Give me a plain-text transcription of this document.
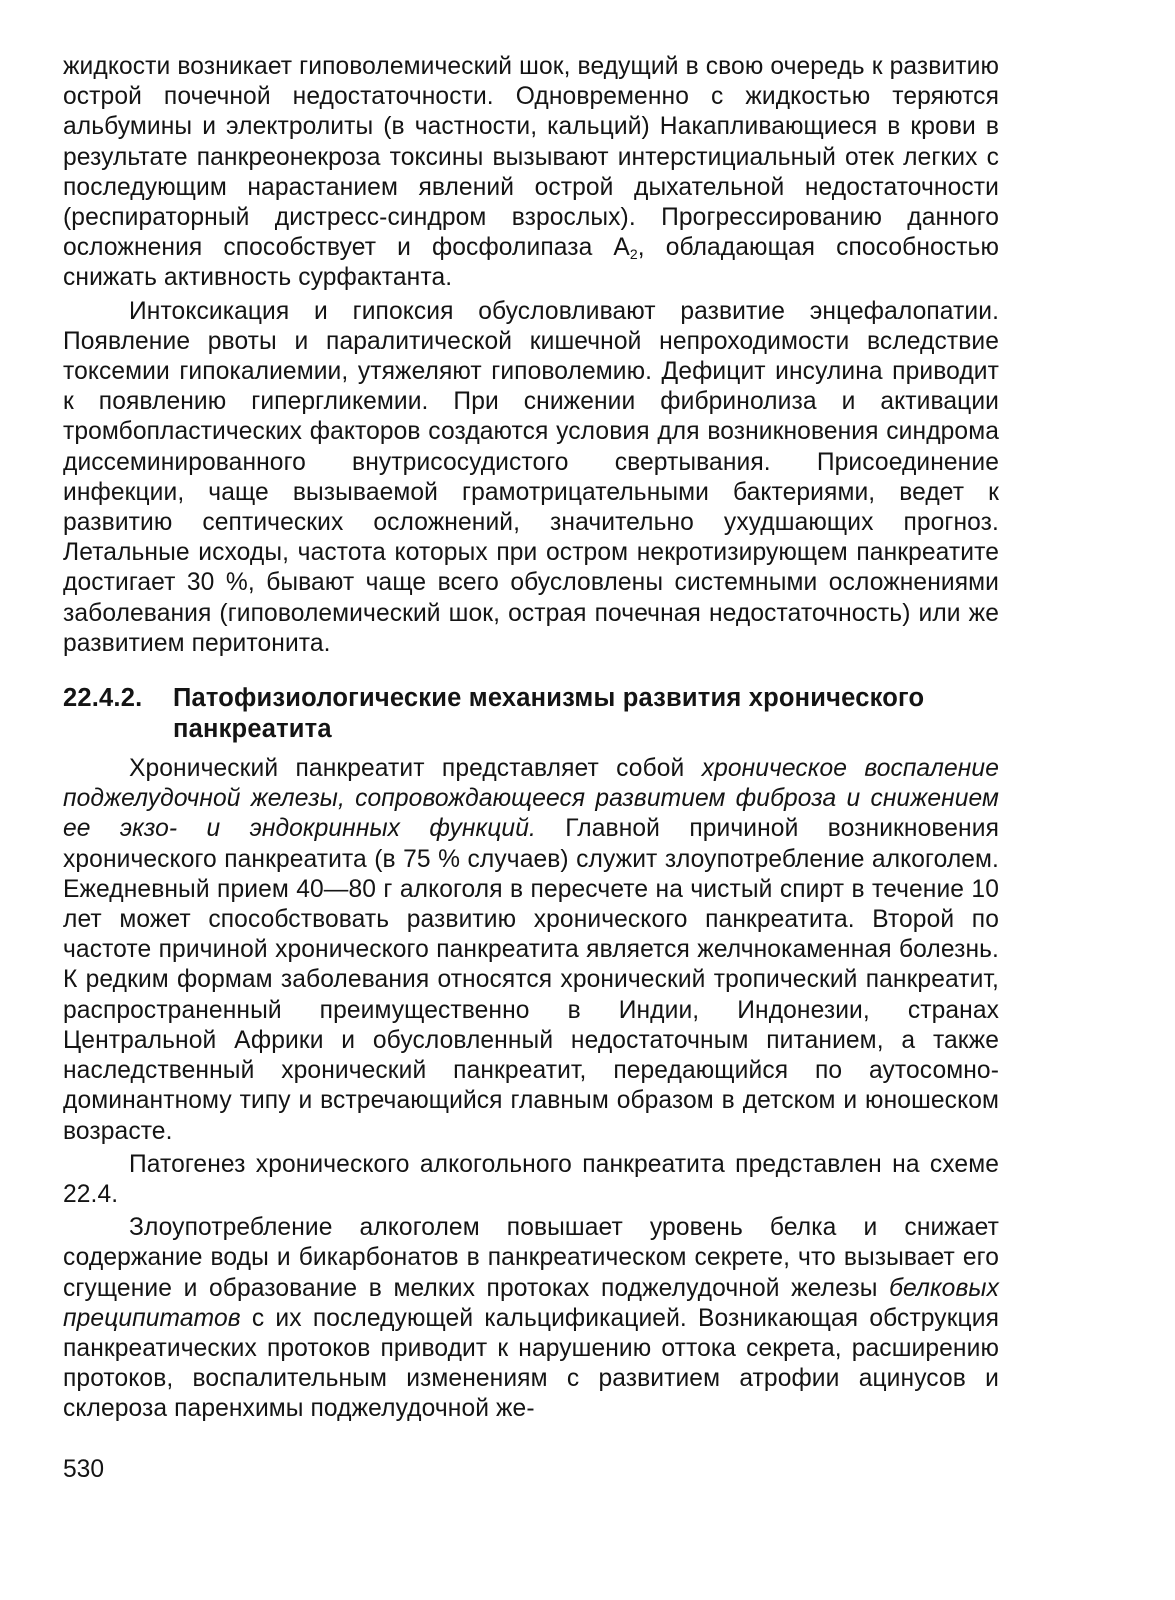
жидкости возникает гиповолемический шок, ведущий в свою очередь к развитию острой почечной недостаточности. Одновременно с жидкостью теряются альбумины и электролиты (в частности, кальций) Накапливающиеся в крови в результате панкреонекроза токсины вызывают интерстициальный отек легких с последующим нарастанием явлений острой дыхательной недостаточности (респираторный дистресс-синдром взрослых). Прогрессированию данного осложнения способствует и фосфолипаза $А_2$, обладающая способностью снижать активность сурфактанта.

Интоксикация и гипоксия обусловливают развитие энцефалопатии. Появление рвоты и паралитической кишечной непроходимости вследствие токсемии гипокалиемии, утяжеляют гиповолемию. Дефицит инсулина приводит к появлению гипергликемии. При снижении фибринолиза и активации тромбопластических факторов создаются условия для возникновения синдрома диссеминированного внутрисосудистого свертывания. Присоединение инфекции, чаще вызываемой грамотрицательными бактериями, ведет к развитию септических осложнений, значительно ухудшающих прогноз. Летальные исходы, частота которых при остром некротизирующем панкреатите достигает 30 %, бывают чаще всего обусловлены системными осложнениями заболевания (гиповолемический шок, острая почечная недостаточность) или же развитием перитонита.

22.4.2. Патофизиологические механизмы развития хронического панкреатита

Хронический панкреатит представляет собой хроническое воспаление поджелудочной железы, сопровождающееся развитием фиброза и снижением ее экзо- и эндокринных функций. Главной причиной возникновения хронического панкреатита (в 75 % случаев) служит злоупотребление алкоголем. Ежедневный прием 40—80 г алкоголя в пересчете на чистый спирт в течение 10 лет может способствовать развитию хронического панкреатита. Второй по частоте причиной хронического панкреатита является желчнокаменная болезнь. К редким формам заболевания относятся хронический тропический панкреатит, распространенный преимущественно в Индии, Индонезии, странах Центральной Африки и обусловленный недостаточным питанием, а также наследственный хронический панкреатит, передающийся по аутосомно-доминантному типу и встречающийся главным образом в детском и юношеском возрасте.

Патогенез хронического алкогольного панкреатита представлен на схеме 22.4.

Злоупотребление алкоголем повышает уровень белка и снижает содержание воды и бикарбонатов в панкреатическом секрете, что вызывает его сгущение и образование в мелких протоках поджелудочной железы белковых преципитатов с их последующей кальцификацией. Возникающая обструкция панкреатических протоков приводит к нарушению оттока секрета, расширению протоков, воспалительным изменениям с развитием атрофии ацинусов и склероза паренхимы поджелудочной же-

530
